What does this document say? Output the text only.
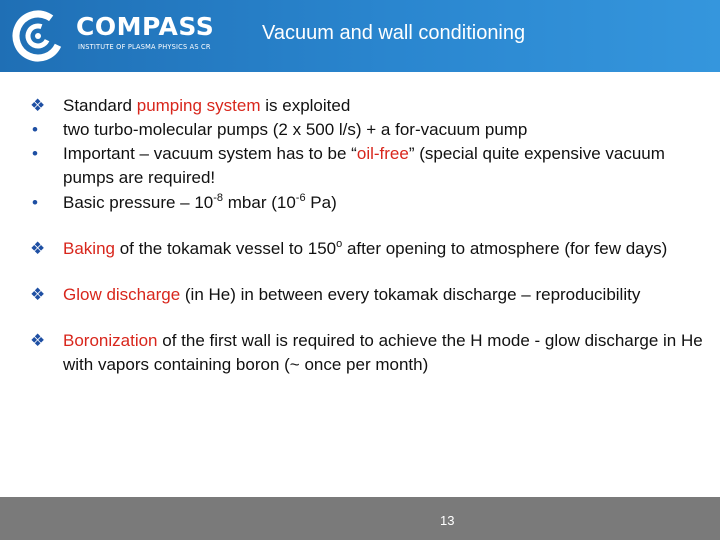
COMPASS
INSTITUTE OF PLASMA PHYSICS AS CR
Vacuum and wall conditioning
❖ Standard pumping system is exploited
• two turbo-molecular pumps (2 x 500 l/s) + a for-vacuum pump
• Important – vacuum system has to be “oil-free” (special quite expensive vacuum pumps are required!
• Basic pressure – $10^{-8}$ mbar ($10^{-6}$ Pa)
❖ Baking of the tokamak vessel to 150$^o$ after opening to atmosphere (for few days)
❖ Glow discharge (in He) in between every tokamak discharge – reproducibility
❖ Boronization of the first wall is required to achieve the H mode - glow discharge in He with vapors containing boron (~ once per month)
13
